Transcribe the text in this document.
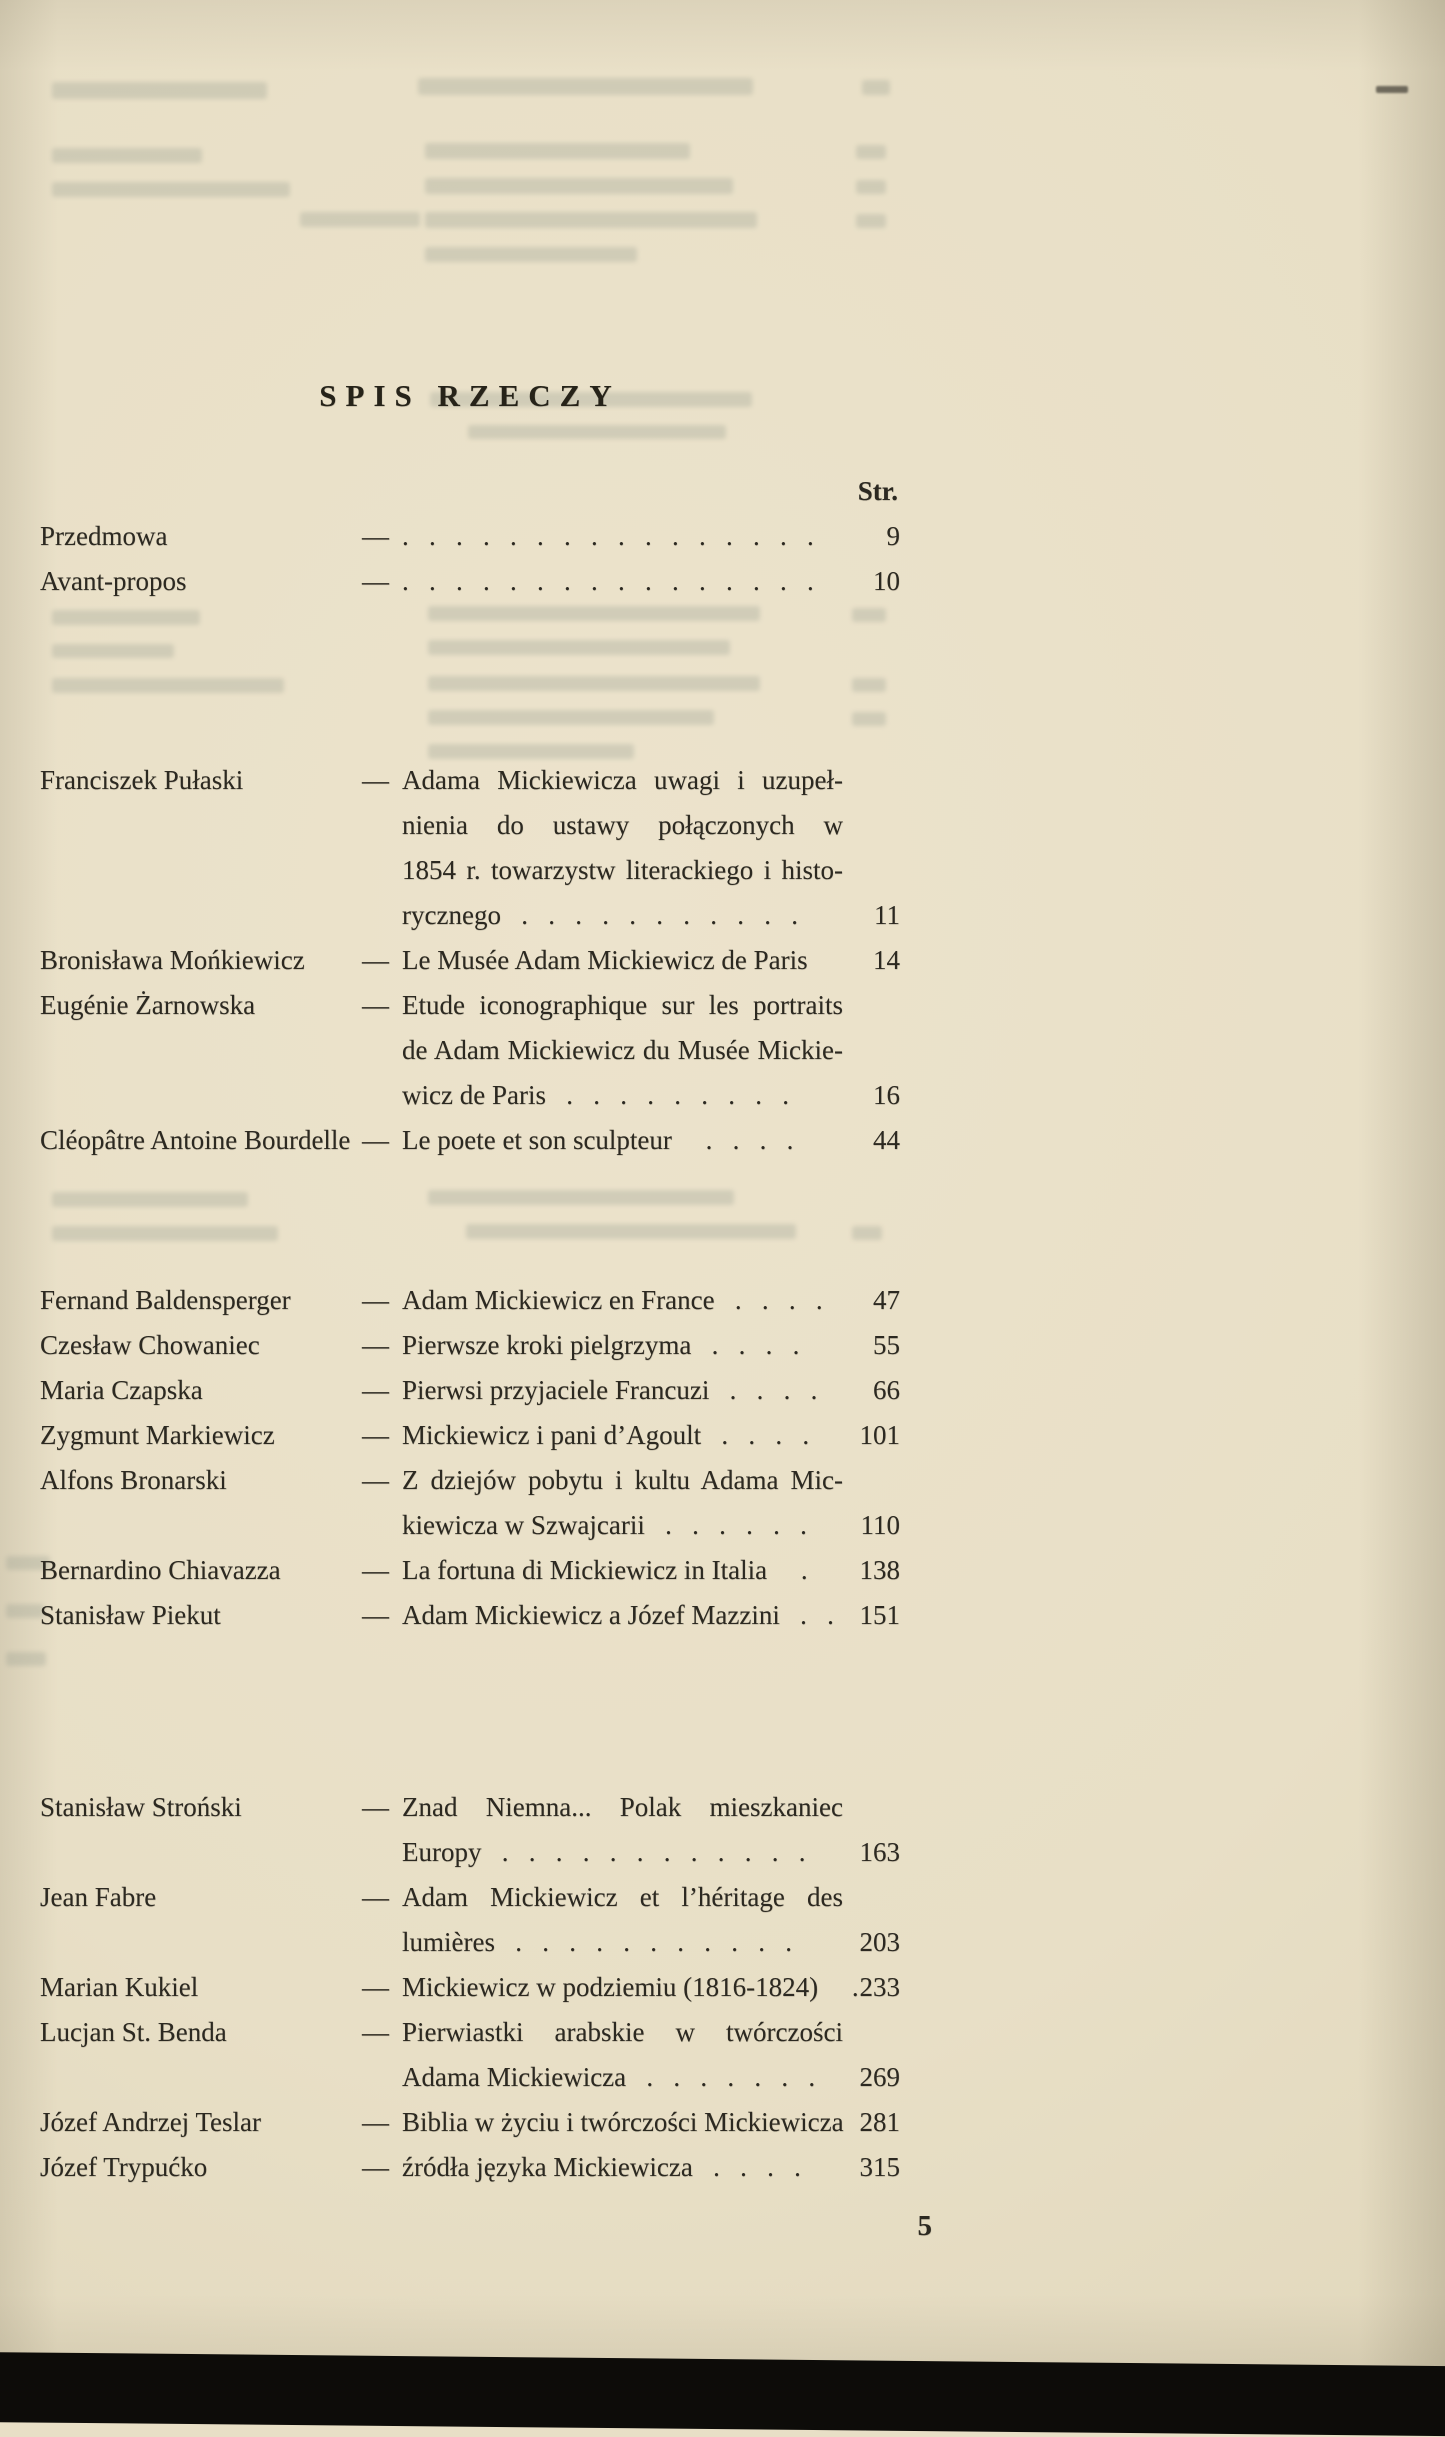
SPIS RZECZY
Str.
Przedmowa	— .   .   .   .   .   .   .   .   .   .   .   .   .   .   .   .	9
Avant-propos	— .   .   .   .   .   .   .   .   .   .   .   .   .   .   .   .	10
Franciszek Pułaski	— Adama Mickiewicza uwagi i uzupeł-
nienia do ustawy połączonych w
1854 r. towarzystw literackiego i histo-
rycznego   .   .   .   .   .   .   .   .   .   .   .	11
Bronisława Mońkiewicz	— Le Musée Adam Mickiewicz de Paris	14
Eugénie Żarnowska	— Etude iconographique sur les portraits
de Adam Mickiewicz du Musée Mickie-
wicz de Paris   .   .   .   .   .   .   .   .   .	16
Cléopâtre Antoine Bourdelle — Le poete et son sculpteur     .   .   .   .	44
Fernand Baldensperger	— Adam Mickiewicz en France   .   .   .   .	47
Czesław Chowaniec	— Pierwsze kroki pielgrzyma   .   .   .   .	55
Maria Czapska	— Pierwsi przyjaciele Francuzi   .   .   .   .	66
Zygmunt Markiewicz	— Mickiewicz i pani d’Agoult   .   .   .   .	101
Alfons Bronarski	— Z dziejów pobytu i kultu Adama Mic-
kiewicza w Szwajcarii   .   .   .   .   .   .	110
Bernardino Chiavazza	— La fortuna di Mickiewicz in Italia     .	138
Stanisław Piekut	— Adam Mickiewicz a Józef Mazzini   .   . 151
Stanisław Stroński	— Znad Niemna... Polak mieszkaniec
Europy   .   .   .   .   .   .   .   .   .   .   .   .	163
Jean Fabre	— Adam Mickiewicz et l’héritage des
lumières   .   .   .   .   .   .   .   .   .   .   .	203
Marian Kukiel	— Mickiewicz w podziemiu (1816-1824)     . 233
Lucjan St. Benda	— Pierwiastki arabskie w twórczości
Adama Mickiewicza   .   .   .   .   .   .   .	269
Józef Andrzej Teslar	— Biblia w życiu i twórczości Mickiewicza 281
Józef Trypućko	— źródła języka Mickiewicza   .   .   .   .	315
5
